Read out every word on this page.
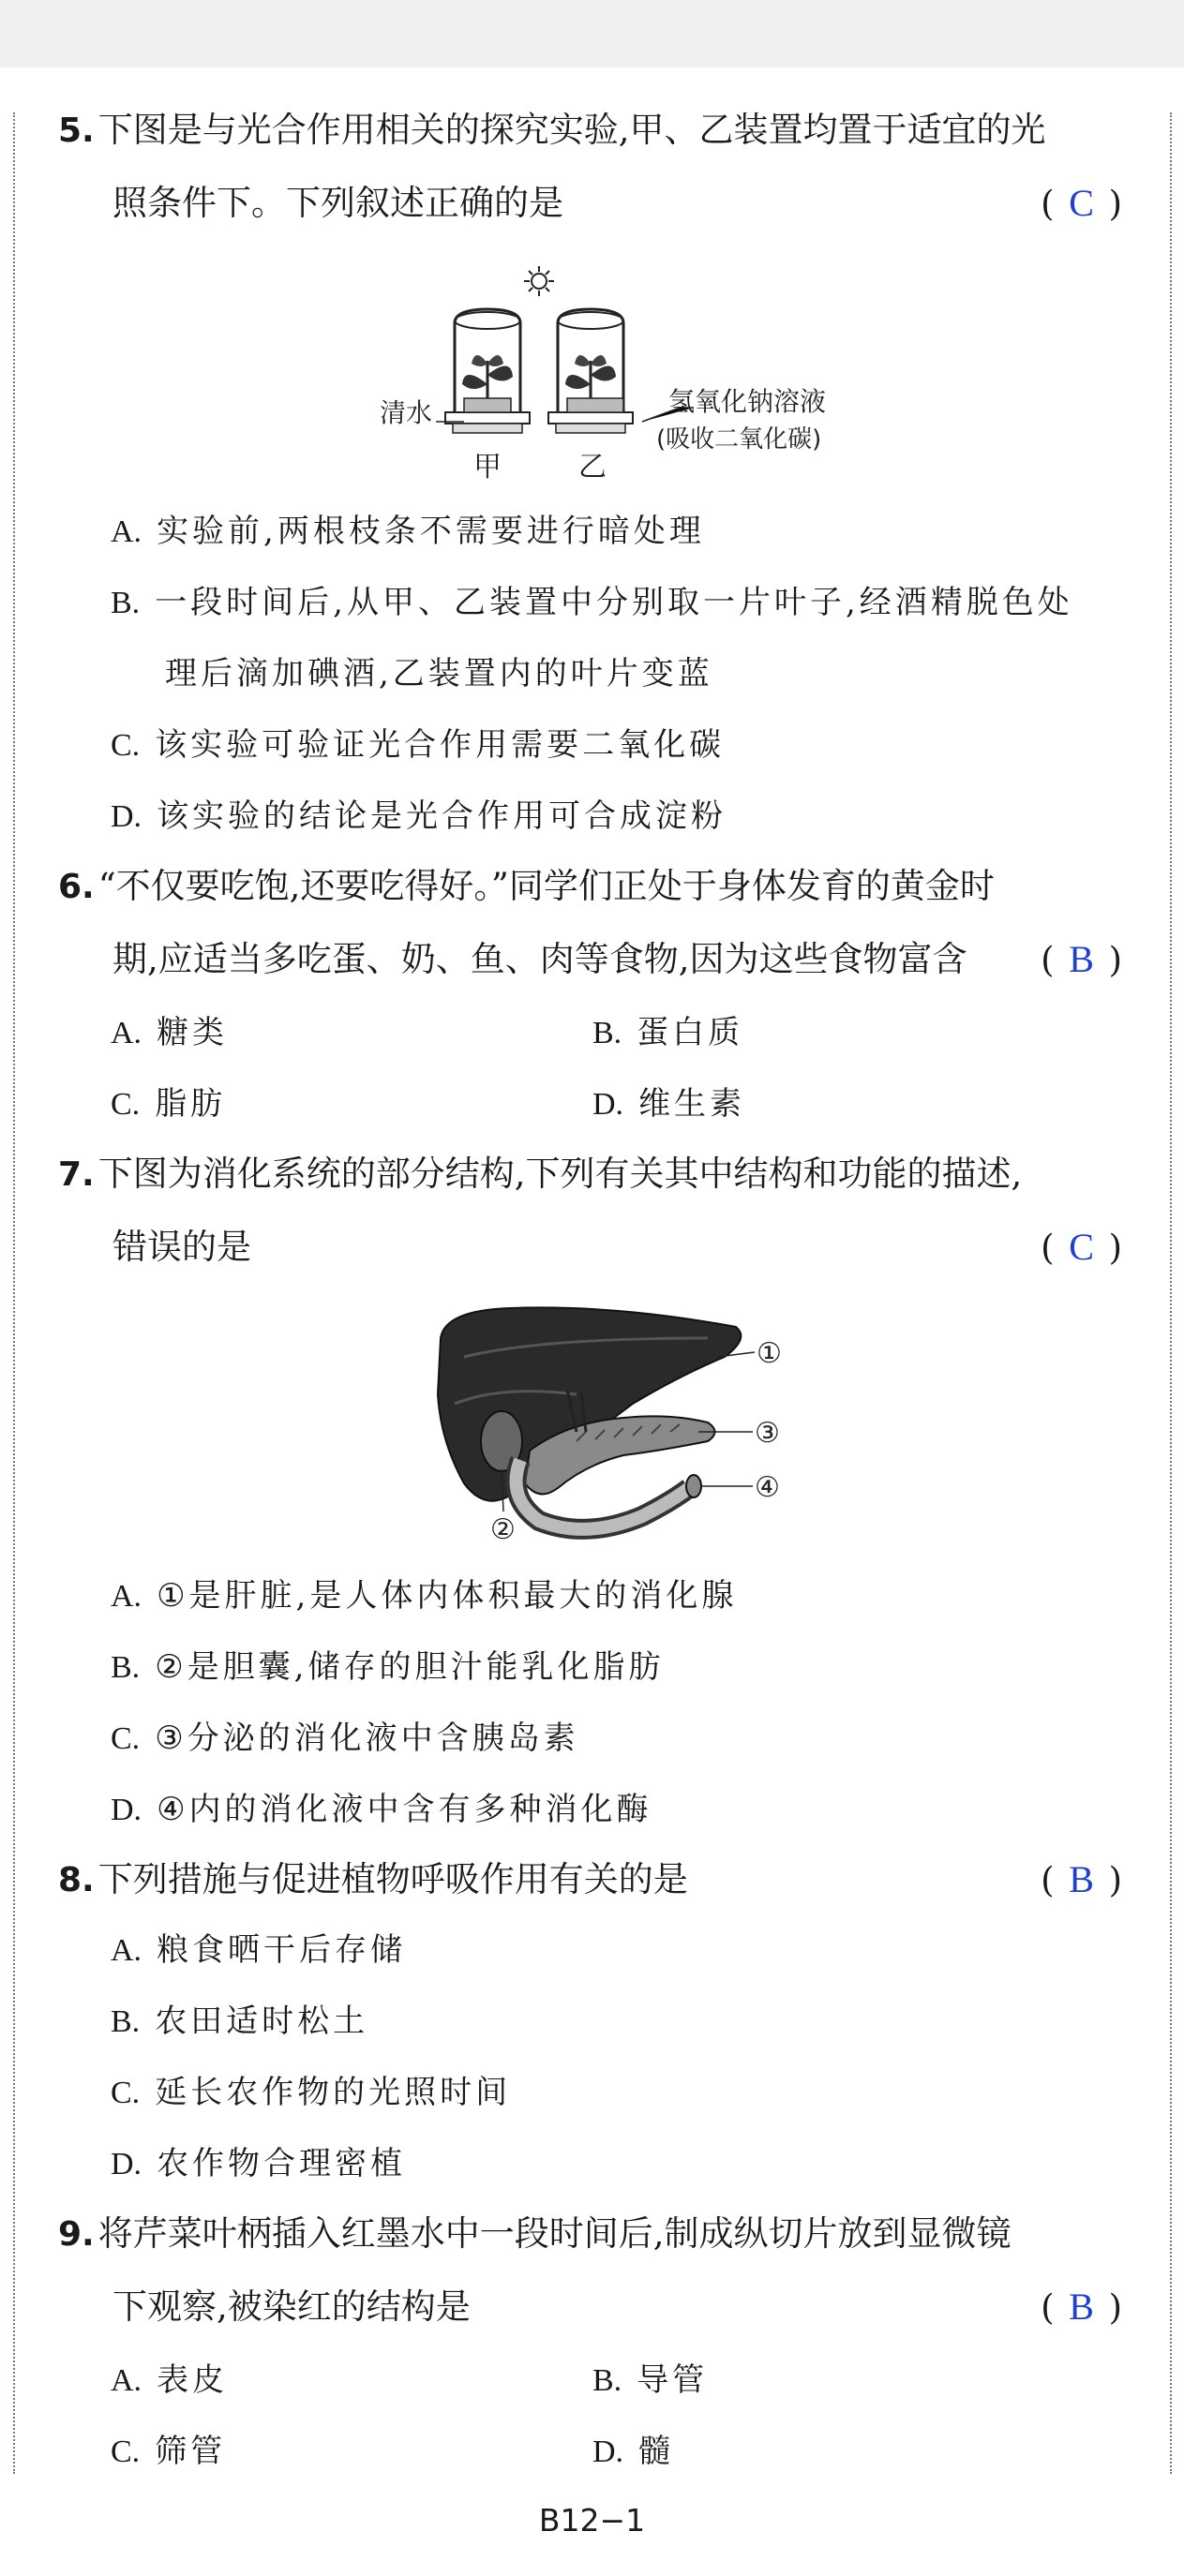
5. 下图是与光合作用相关的探究实验,甲、乙装置均置于适宜的光
照条件下。下列叙述正确的是	( C )
清水	氢氧化钠溶液
(吸收二氧化碳)
甲	乙
A. 实验前,两根枝条不需要进行暗处理
B. 一段时间后,从甲、乙装置中分别取一片叶子,经酒精脱色处
理后滴加碘酒,乙装置内的叶片变蓝
C. 该实验可验证光合作用需要二氧化碳
D. 该实验的结论是光合作用可合成淀粉
6. “不仅要吃饱,还要吃得好。”同学们正处于身体发育的黄金时
期,应适当多吃蛋、奶、鱼、肉等食物,因为这些食物富含 ( B )
A. 糖类	B. 蛋白质
C. 脂肪	D. 维生素
7. 下图为消化系统的部分结构,下列有关其中结构和功能的描述,
错误的是	( C )
①
③
④
②
A. ①是肝脏,是人体内体积最大的消化腺
B. ②是胆囊,储存的胆汁能乳化脂肪
C. ③分泌的消化液中含胰岛素
D. ④内的消化液中含有多种消化酶
8. 下列措施与促进植物呼吸作用有关的是	( B )
A. 粮食晒干后存储
B. 农田适时松土
C. 延长农作物的光照时间
D. 农作物合理密植
9. 将芹菜叶柄插入红墨水中一段时间后,制成纵切片放到显微镜
下观察,被染红的结构是	( B )
A. 表皮	B. 导管
C. 筛管	D. 髓
B12−1
